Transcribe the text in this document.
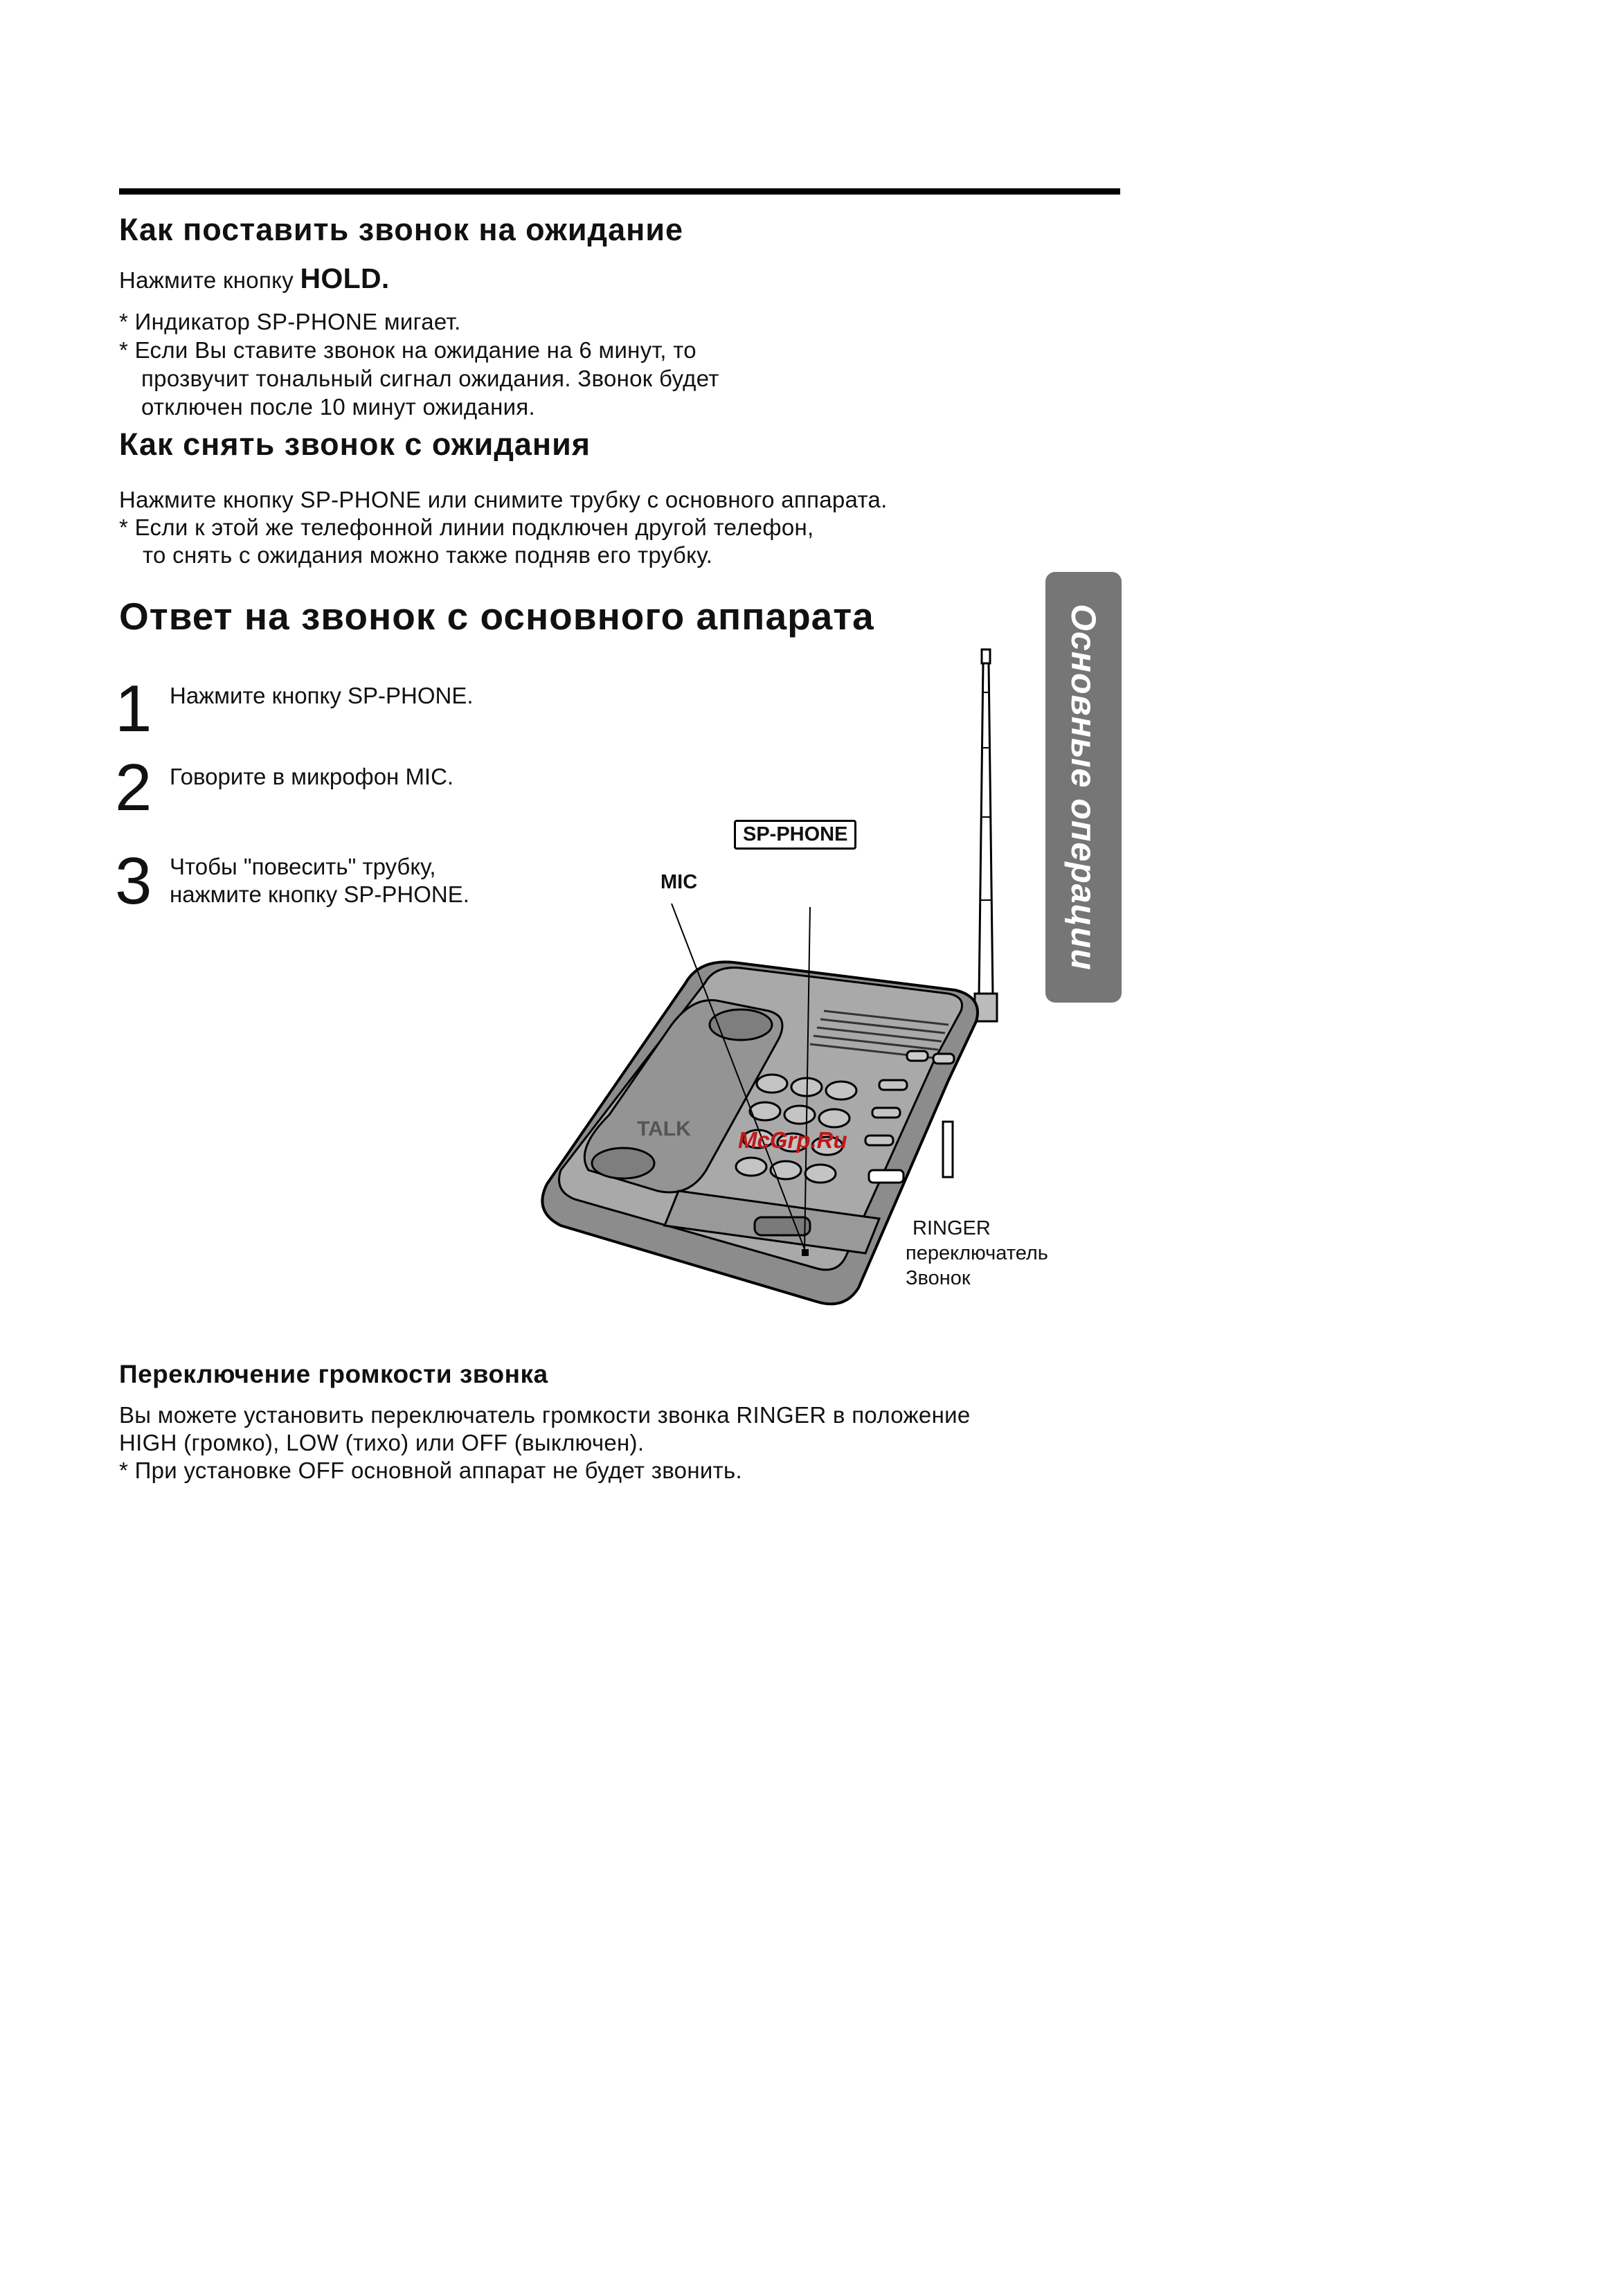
Как поставить звонок на ожидание
Нажмите кнопку HOLD.
* Индикатор SP-PHONE мигает.
* Если Вы ставите звонок на ожидание на 6 минут, то
прозвучит тональный сигнал ожидания. Звонок будет
отключен после 10 минут ожидания.
Как снять звонок с ожидания
Нажмите кнопку SP-PHONE или снимите трубку с основного аппарата.
* Если к этой же телефонной линии подключен другой телефон,
то снять с ожидания можно также подняв его трубку.
Ответ на звонок с основного аппарата
1 Нажмите кнопку SP-PHONE.
2 Говорите в микрофон MIC.
3 Чтобы "повесить" трубку,
нажмите кнопку SP-PHONE.	Основные операции
TALK
SP-PHONE
MIC
McGrp.Ru
RINGER
переключатель
Звонок
Переключение громкости звонка
Вы можете установить переключатель громкости звонка RINGER в положение
HIGH (громко), LOW (тихо) или OFF (выключен).
* При установке OFF основной аппарат не будет звонить.
